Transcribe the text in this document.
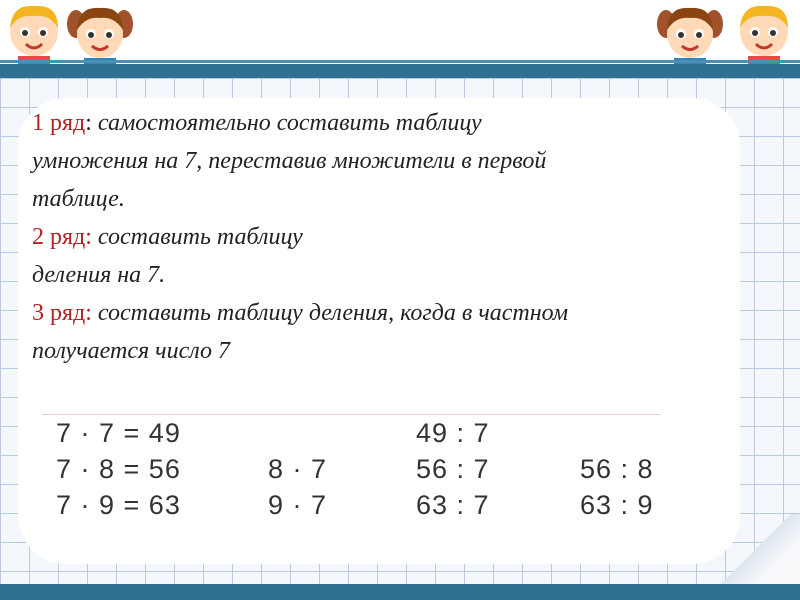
1 ряд: самостоятельно составить таблицу

умножения на 7, переставив множители в первой

таблице.

2 ряд: составить таблицу

деления на 7.

3 ряд: составить таблицу деления, когда в частном

получается число 7

7 · 7 = 49
7 · 8 = 56
7 · 9 = 63
8 · 7
9 · 7
49 : 7
56 : 7
63 : 7
56 : 8
63 : 9
